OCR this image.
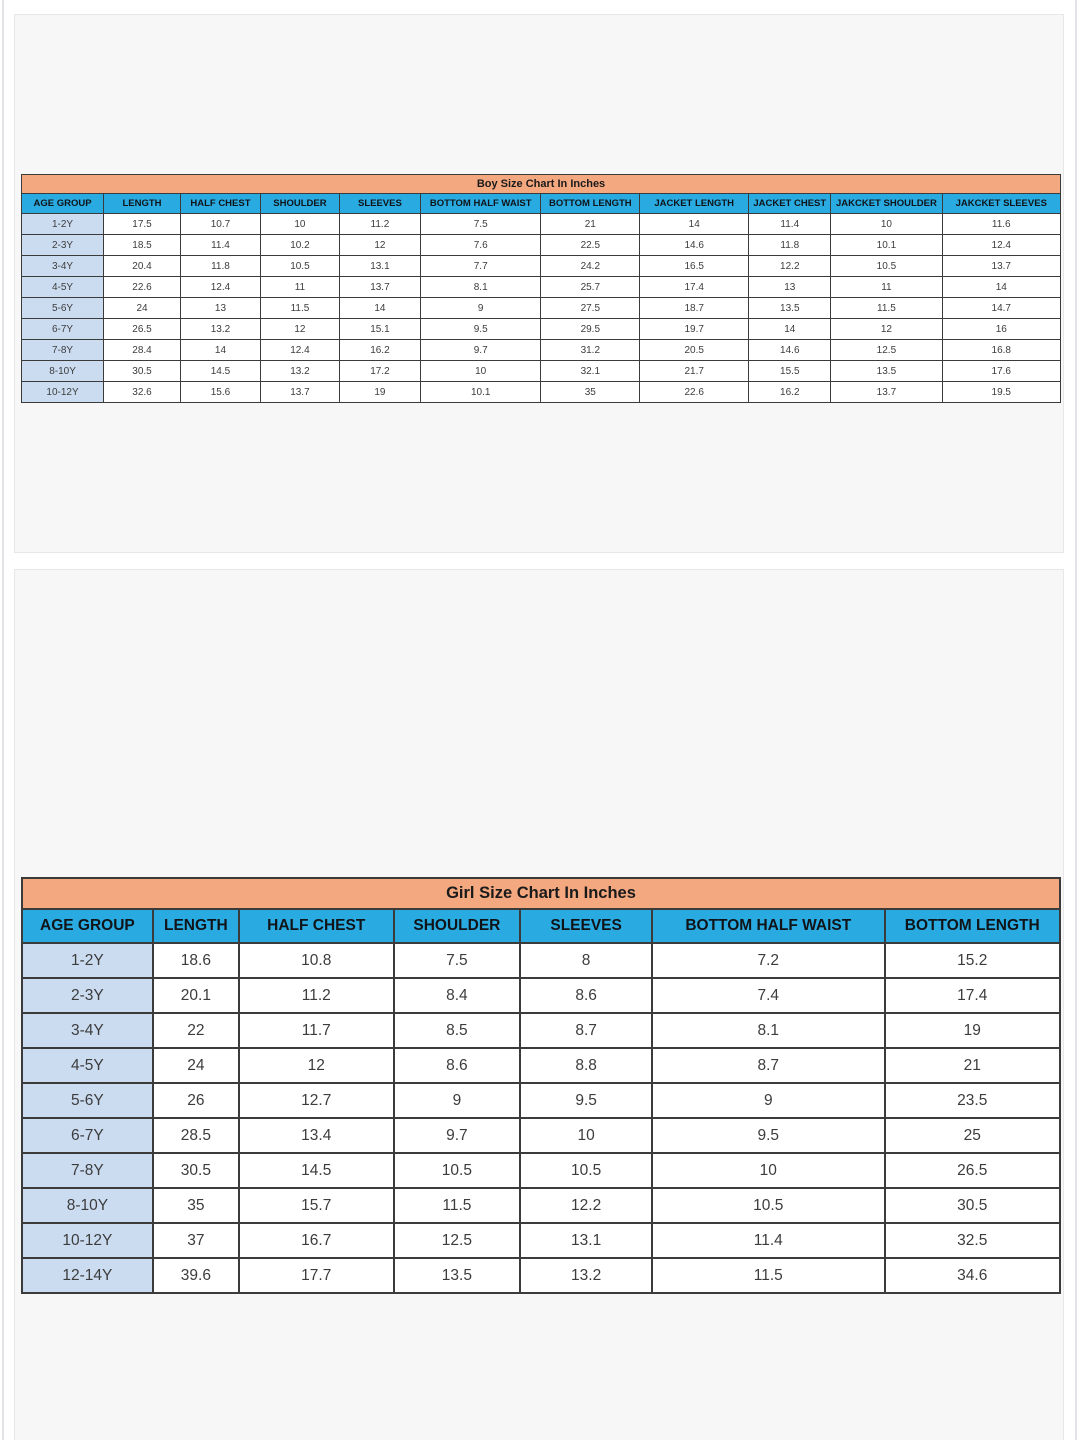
Boy Size Chart In Inches										
AGE GROUP	LENGTH	HALF CHEST	SHOULDER	SLEEVES	BOTTOM HALF WAIST	BOTTOM LENGTH	JACKET LENGTH	JACKET CHEST	JAKCKET SHOULDER	JAKCKET SLEEVES
1-2Y	17.5	10.7	10	11.2	7.5	21	14	11.4	10	11.6
2-3Y	18.5	11.4	10.2	12	7.6	22.5	14.6	11.8	10.1	12.4
3-4Y	20.4	11.8	10.5	13.1	7.7	24.2	16.5	12.2	10.5	13.7
4-5Y	22.6	12.4	11	13.7	8.1	25.7	17.4	13	11	14
5-6Y	24	13	11.5	14	9	27.5	18.7	13.5	11.5	14.7
6-7Y	26.5	13.2	12	15.1	9.5	29.5	19.7	14	12	16
7-8Y	28.4	14	12.4	16.2	9.7	31.2	20.5	14.6	12.5	16.8
8-10Y	30.5	14.5	13.2	17.2	10	32.1	21.7	15.5	13.5	17.6
10-12Y	32.6	15.6	13.7	19	10.1	35	22.6	16.2	13.7	19.5
Girl Size Chart In Inches						
AGE GROUP	LENGTH	HALF CHEST	SHOULDER	SLEEVES	BOTTOM HALF WAIST	BOTTOM LENGTH
1-2Y	18.6	10.8	7.5	8	7.2	15.2
2-3Y	20.1	11.2	8.4	8.6	7.4	17.4
3-4Y	22	11.7	8.5	8.7	8.1	19
4-5Y	24	12	8.6	8.8	8.7	21
5-6Y	26	12.7	9	9.5	9	23.5
6-7Y	28.5	13.4	9.7	10	9.5	25
7-8Y	30.5	14.5	10.5	10.5	10	26.5
8-10Y	35	15.7	11.5	12.2	10.5	30.5
10-12Y	37	16.7	12.5	13.1	11.4	32.5
12-14Y	39.6	17.7	13.5	13.2	11.5	34.6
